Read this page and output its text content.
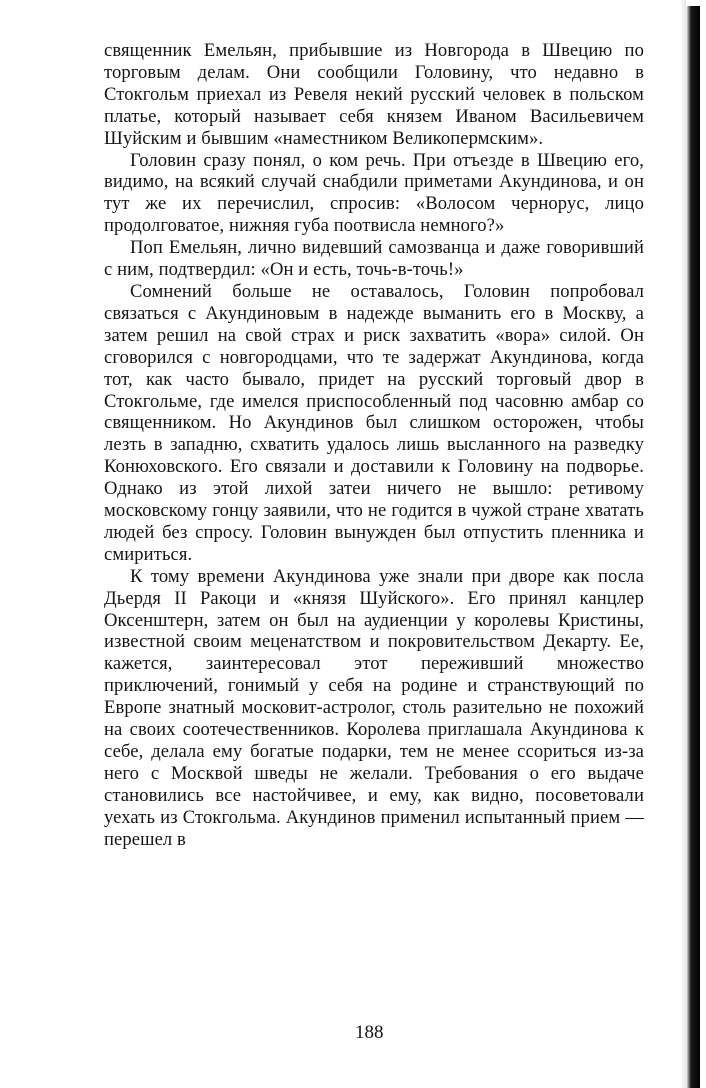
священник Емельян, прибывшие из Новгорода в Швецию по торговым делам. Они сообщили Головину, что недавно в Стокгольм приехал из Ревеля некий русский человек в польском платье, который называет себя князем Иваном Васильевичем Шуйским и бывшим «наместником Великопермским».

Головин сразу понял, о ком речь. При отъезде в Швецию его, видимо, на всякий случай снабдили приметами Акундинова, и он тут же их перечислил, спросив: «Волосом чернорус, лицо продолговатое, нижняя губа поотвисла немного?»

Поп Емельян, лично видевший самозванца и даже говоривший с ним, подтвердил: «Он и есть, точь-в-точь!»

Сомнений больше не оставалось, Головин попробовал связаться с Акундиновым в надежде выманить его в Москву, а затем решил на свой страх и риск захватить «вора» силой. Он сговорился с новгородцами, что те задержат Акундинова, когда тот, как часто бывало, придет на русский торговый двор в Стокгольме, где имелся приспособленный под часовню амбар со священником. Но Акундинов был слишком осторожен, чтобы лезть в западню, схватить удалось лишь высланного на разведку Конюховского. Его связали и доставили к Головину на подворье. Однако из этой лихой затеи ничего не вышло: ретивому московскому гонцу заявили, что не годится в чужой стране хватать людей без спросу. Головин вынужден был отпустить пленника и смириться.

К тому времени Акундинова уже знали при дворе как посла Дьердя II Ракоци и «князя Шуйского». Его принял канцлер Оксенштерн, затем он был на аудиенции у королевы Кристины, известной своим меценатством и покровительством Декарту. Ее, кажется, заинтересовал этот переживший множество приключений, гонимый у себя на родине и странствующий по Европе знатный московит-астролог, столь разительно не похожий на своих соотечественников. Королева приглашала Акундинова к себе, делала ему богатые подарки, тем не менее ссориться из-за него с Москвой шведы не желали. Требования о его выдаче становились все настойчивее, и ему, как видно, посоветовали уехать из Стокгольма. Акундинов применил испытанный прием — перешел в

188
